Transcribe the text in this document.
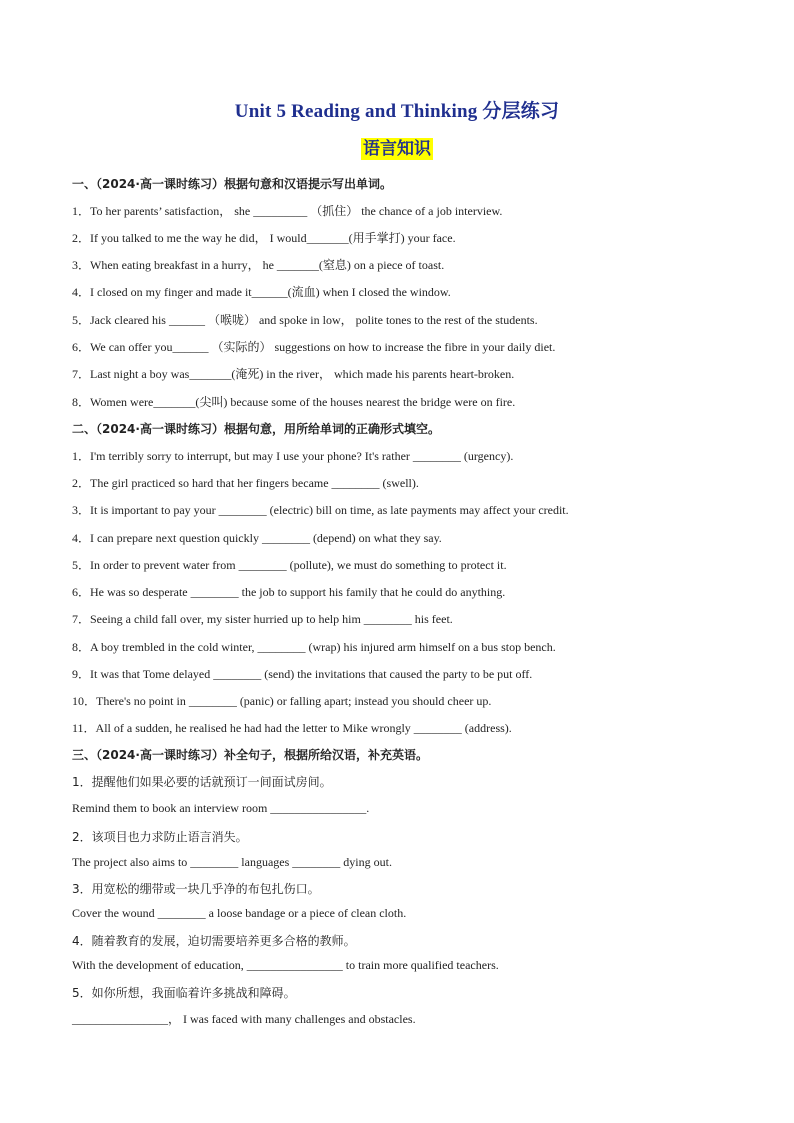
Unit 5 Reading and Thinking 分层练习
语言知识
一、（2024·高一课时练习）根据句意和汉语提示写出单词。
1．To her parents’ satisfaction， she _________ （抓住） the chance of a job interview.
2．If you talked to me the way he did， I would_______(用手掌打) your face.
3．When eating breakfast in a hurry， he _______(窒息) on a piece of toast.
4．I closed on my finger and made it______(流血) when I closed the window.
5．Jack cleared his ______ （喉咙） and spoke in low， polite tones to the rest of the students.
6．We can offer you______ （实际的） suggestions on how to increase the fibre in your daily diet.
7．Last night a boy was_______(淹死) in the river， which made his parents heart-broken.
8．Women were_______(尖叫) because some of the houses nearest the bridge were on fire.
二、（2024·高一课时练习）根据句意，用所给单词的正确形式填空。
1．I'm terribly sorry to interrupt, but may I use your phone? It's rather ________ (urgency).
2．The girl practiced so hard that her fingers became ________ (swell).
3．It is important to pay your ________ (electric) bill on time, as late payments may affect your credit.
4．I can prepare next question quickly ________ (depend) on what they say.
5．In order to prevent water from ________ (pollute), we must do something to protect it.
6．He was so desperate ________ the job to support his family that he could do anything.
7．Seeing a child fall over, my sister hurried up to help him ________ his feet.
8．A boy trembled in the cold winter, ________ (wrap) his injured arm himself on a bus stop bench.
9．It was that Tome delayed ________ (send) the invitations that caused the party to be put off.
10．There's no point in ________ (panic) or falling apart; instead you should cheer up.
11．All of a sudden, he realised he had had the letter to Mike wrongly ________ (address).
三、（2024·高一课时练习）补全句子，根据所给汉语，补充英语。
1．提醒他们如果必要的话就预订一间面试房间。
Remind them to book an interview room ________________.
2．该项目也力求防止语言消失。
The project also aims to ________ languages ________ dying out.
3．用宽松的绷带或一块几乎净的布包扎伤口。
Cover the wound ________ a loose bandage or a piece of clean cloth.
4．随着教育的发展，迫切需要培养更多合格的教师。
With the development of education, ________________ to train more qualified teachers.
5．如你所想，我面临着许多挑战和障碍。
________________， I was faced with many challenges and obstacles.
